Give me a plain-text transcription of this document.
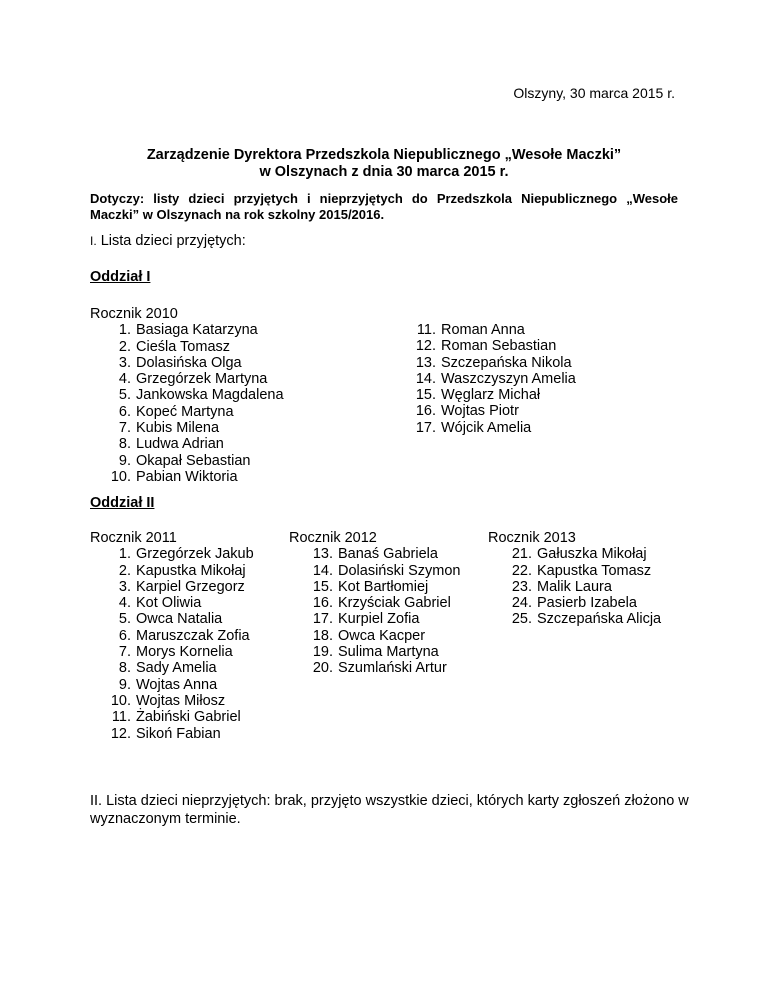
Olszyny, 30 marca 2015 r.
Zarządzenie Dyrektora Przedszkola Niepublicznego „Wesołe Maczki”
w Olszynach z dnia 30 marca 2015 r.
Dotyczy: listy dzieci przyjętych i nieprzyjętych do Przedszkola Niepublicznego „Wesołe Maczki” w Olszynach na rok szkolny 2015/2016.
I. Lista dzieci przyjętych:
Oddział I
Rocznik 2010
1. Basiaga Katarzyna
2. Cieśla Tomasz
3. Dolasińska Olga
4. Grzegórzek Martyna
5. Jankowska Magdalena
6. Kopeć Martyna
7. Kubis Milena
8. Ludwa Adrian
9. Okapał Sebastian
10. Pabian Wiktoria
11. Roman Anna
12. Roman Sebastian
13. Szczepańska Nikola
14. Waszczyszyn Amelia
15. Węglarz Michał
16. Wojtas Piotr
17. Wójcik Amelia
Oddział II
Rocznik 2011
1. Grzegórzek Jakub
2. Kapustka Mikołaj
3. Karpiel Grzegorz
4. Kot Oliwia
5. Owca Natalia
6. Maruszczak Zofia
7. Morys Kornelia
8. Sady Amelia
9. Wojtas Anna
10. Wojtas Miłosz
11. Żabiński Gabriel
12. Sikoń Fabian
Rocznik 2012
13. Banaś Gabriela
14. Dolasiński Szymon
15. Kot Bartłomiej
16. Krzyściak Gabriel
17. Kurpiel Zofia
18. Owca Kacper
19. Sulima Martyna
20. Szumlański Artur
Rocznik 2013
21. Gałuszka Mikołaj
22. Kapustka Tomasz
23. Malik Laura
24. Pasierb Izabela
25. Szczepańska Alicja
II. Lista dzieci nieprzyjętych: brak, przyjęto wszystkie dzieci, których karty zgłoszeń złożono w wyznaczonym terminie.
